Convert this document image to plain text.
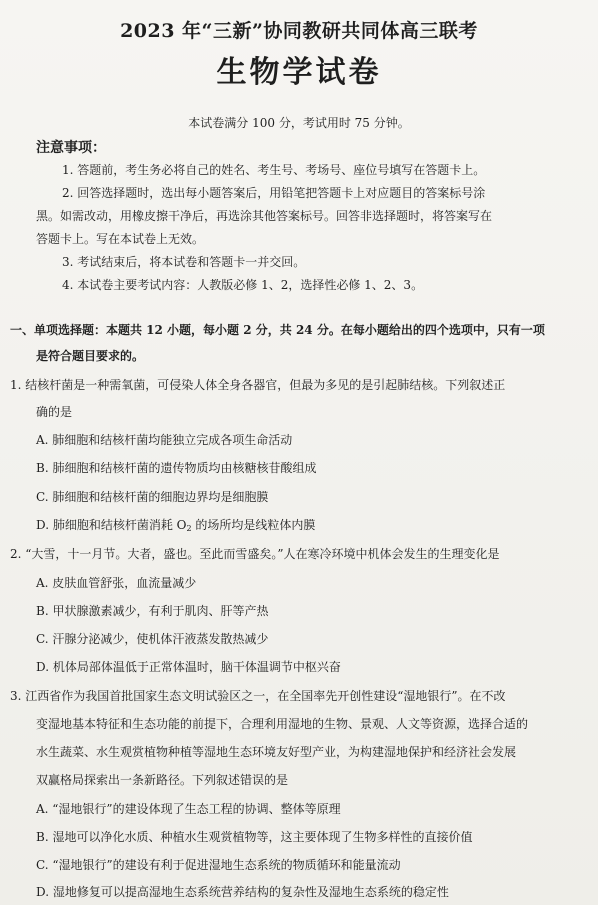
2023 年“三新”协同教研共同体高三联考
生物学试卷
本试卷满分 100 分，考试用时 75 分钟。
注意事项：
1. 答题前，考生务必将自己的姓名、考生号、考场号、座位号填写在答题卡上。
2. 回答选择题时，选出每小题答案后，用铅笔把答题卡上对应题目的答案标号涂
黑。如需改动，用橡皮擦干净后，再选涂其他答案标号。回答非选择题时，将答案写在
答题卡上。写在本试卷上无效。
3. 考试结束后，将本试卷和答题卡一并交回。
4. 本试卷主要考试内容：人教版必修 1、2，选择性必修 1、2、3。
一、单项选择题：本题共 12 小题，每小题 2 分，共 24 分。在每小题给出的四个选项中，只有一项
是符合题目要求的。
1. 结核杆菌是一种需氧菌，可侵染人体全身各器官，但最为多见的是引起肺结核。下列叙述正
确的是
A. 肺细胞和结核杆菌均能独立完成各项生命活动
B. 肺细胞和结核杆菌的遗传物质均由核糖核苷酸组成
C. 肺细胞和结核杆菌的细胞边界均是细胞膜
D. 肺细胞和结核杆菌消耗 $O_2$ 的场所均是线粒体内膜
2. “大雪，十一月节。大者，盛也。至此而雪盛矣。”人在寒冷环境中机体会发生的生理变化是
A. 皮肤血管舒张，血流量减少
B. 甲状腺激素减少，有利于肌肉、肝等产热
C. 汗腺分泌减少，使机体汗液蒸发散热减少
D. 机体局部体温低于正常体温时，脑干体温调节中枢兴奋
3. 江西省作为我国首批国家生态文明试验区之一，在全国率先开创性建设“湿地银行”。在不改
变湿地基本特征和生态功能的前提下，合理利用湿地的生物、景观、人文等资源，选择合适的
水生蔬菜、水生观赏植物种植等湿地生态环境友好型产业，为构建湿地保护和经济社会发展
双赢格局探索出一条新路径。下列叙述错误的是
A. “湿地银行”的建设体现了生态工程的协调、整体等原理
B. 湿地可以净化水质、种植水生观赏植物等，这主要体现了生物多样性的直接价值
C. “湿地银行”的建设有利于促进湿地生态系统的物质循环和能量流动
D. 湿地修复可以提高湿地生态系统营养结构的复杂性及湿地生态系统的稳定性
